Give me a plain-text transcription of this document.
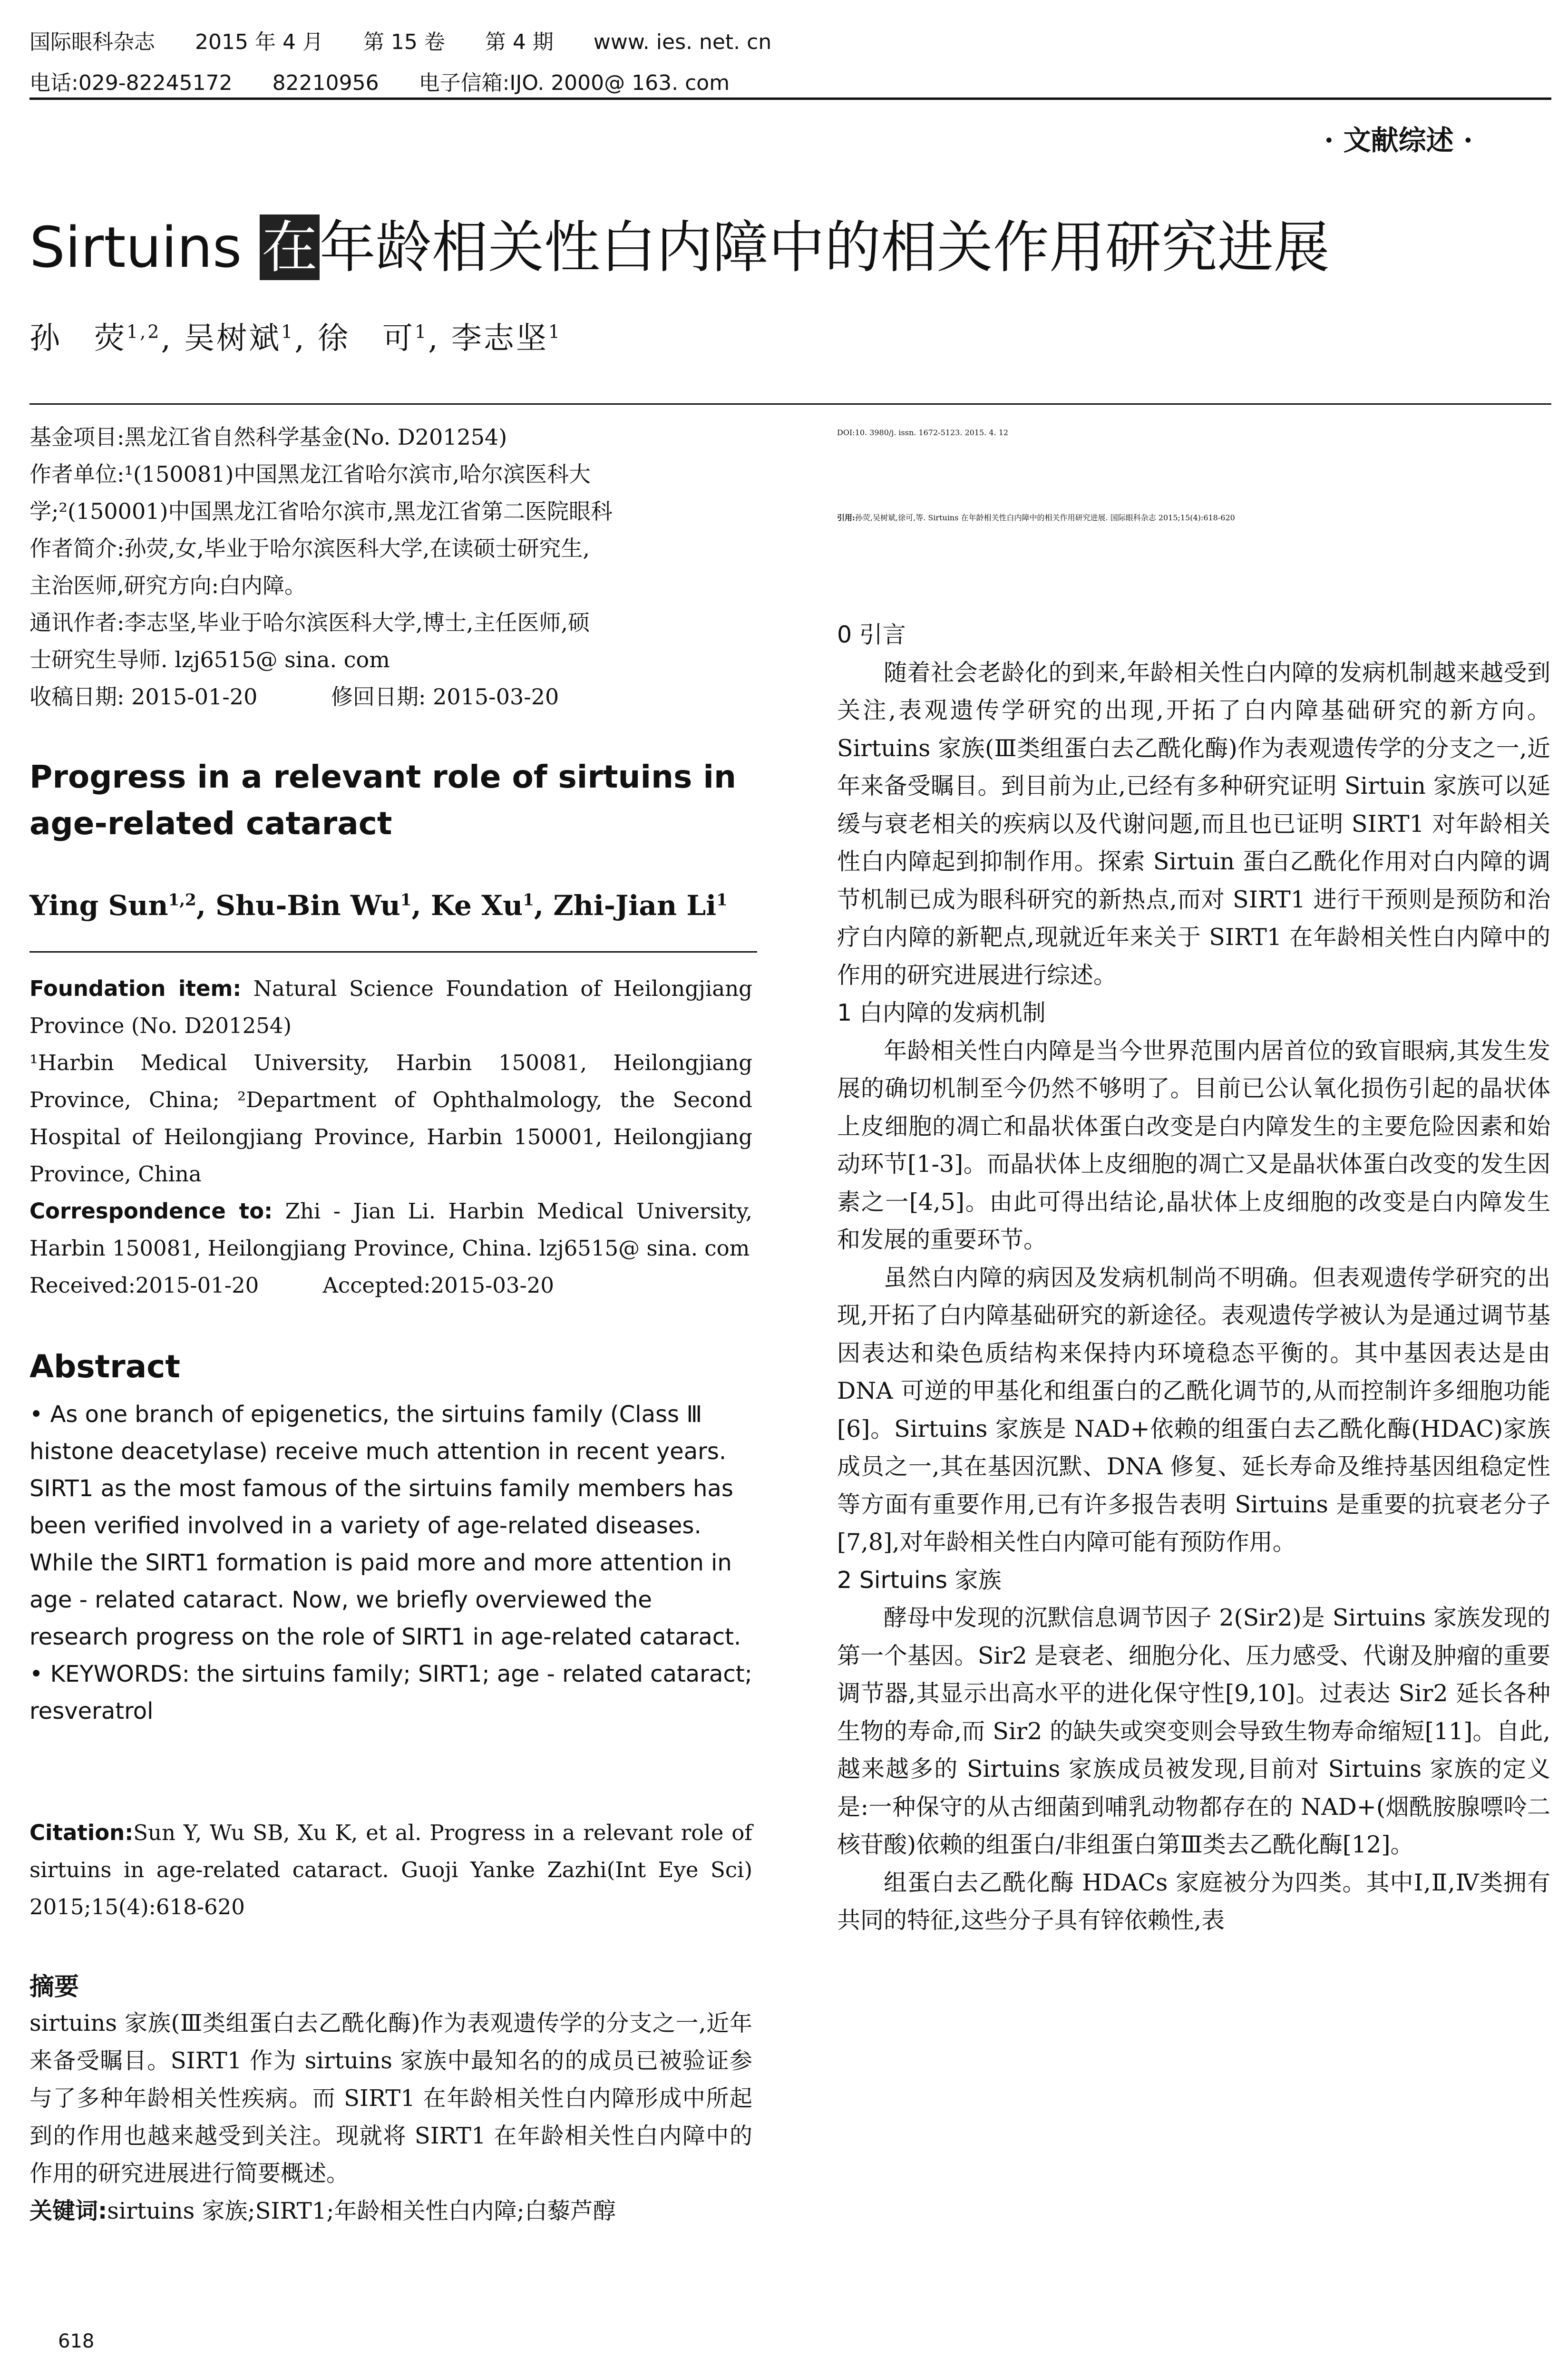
国际眼科杂志 2015 年 4 月 第 15 卷 第 4 期 www. ies. net. cn
电话:029-82245172 82210956 电子信箱:IJO. 2000@ 163. com
· 文献综述 ·
Sirtuins 在年龄相关性白内障中的相关作用研究进展
孙　荧$^{1,2}$, 吴树斌$^1$, 徐　可$^1$, 李志坚$^1$

基金项目:黑龙江省自然科学基金(No. D201254)

作者单位:¹(150081)中国黑龙江省哈尔滨市,哈尔滨医科大

学;²(150001)中国黑龙江省哈尔滨市,黑龙江省第二医院眼科

作者简介:孙荧,女,毕业于哈尔滨医科大学,在读硕士研究生,

主治医师,研究方向:白内障。

通讯作者:李志坚,毕业于哈尔滨医科大学,博士,主任医师,硕

士研究生导师. lzj6515@ sina. com

收稿日期: 2015-01-20	修回日期: 2015-03-20

Progress in a relevant role of sirtuins in age-related cataract

Ying Sun$^{1,2}$, Shu-Bin Wu$^1$, Ke Xu$^1$, Zhi-Jian Li$^1$

Foundation item: Natural Science Foundation of Heilongjiang Province (No. D201254)

¹Harbin Medical University, Harbin 150081, Heilongjiang Province, China; ²Department of Ophthalmology, the Second Hospital of Heilongjiang Province, Harbin 150001, Heilongjiang Province, China

Correspondence to: Zhi - Jian Li. Harbin Medical University, Harbin 150081, Heilongjiang Province, China. lzj6515@ sina. com

Received:2015-01-20	Accepted:2015-03-20

Abstract

• As one branch of epigenetics, the sirtuins family (Class Ⅲ histone deacetylase) receive much attention in recent years. SIRT1 as the most famous of the sirtuins family members has been verified involved in a variety of age-related diseases. While the SIRT1 formation is paid more and more attention in age - related cataract. Now, we briefly overviewed the research progress on the role of SIRT1 in age-related cataract.

• KEYWORDS: the sirtuins family; SIRT1; age - related cataract; resveratrol

Citation:Sun Y, Wu SB, Xu K, et al. Progress in a relevant role of sirtuins in age-related cataract. Guoji Yanke Zazhi(Int Eye Sci) 2015;15(4):618-620

摘要

sirtuins 家族(Ⅲ类组蛋白去乙酰化酶)作为表观遗传学的分支之一,近年来备受瞩目。SIRT1 作为 sirtuins 家族中最知名的的成员已被验证参与了多种年龄相关性疾病。而 SIRT1 在年龄相关性白内障形成中所起到的作用也越来越受到关注。现就将 SIRT1 在年龄相关性白内障中的作用的研究进展进行简要概述。

关键词:sirtuins 家族;SIRT1;年龄相关性白内障;白藜芦醇

618
DOI:10. 3980/j. issn. 1672-5123. 2015. 4. 12

引用:孙荧,吴树斌,徐可,等. Sirtuins 在年龄相关性白内障中的相关作用研究进展. 国际眼科杂志 2015;15(4):618-620

0 引言

随着社会老龄化的到来,年龄相关性白内障的发病机制越来越受到关注,表观遗传学研究的出现,开拓了白内障基础研究的新方向。Sirtuins 家族(Ⅲ类组蛋白去乙酰化酶)作为表观遗传学的分支之一,近年来备受瞩目。到目前为止,已经有多种研究证明 Sirtuin 家族可以延缓与衰老相关的疾病以及代谢问题,而且也已证明 SIRT1 对年龄相关性白内障起到抑制作用。探索 Sirtuin 蛋白乙酰化作用对白内障的调节机制已成为眼科研究的新热点,而对 SIRT1 进行干预则是预防和治疗白内障的新靶点,现就近年来关于 SIRT1 在年龄相关性白内障中的作用的研究进展进行综述。

1 白内障的发病机制

年龄相关性白内障是当今世界范围内居首位的致盲眼病,其发生发展的确切机制至今仍然不够明了。目前已公认氧化损伤引起的晶状体上皮细胞的凋亡和晶状体蛋白改变是白内障发生的主要危险因素和始动环节[1-3]。而晶状体上皮细胞的凋亡又是晶状体蛋白改变的发生因素之一[4,5]。由此可得出结论,晶状体上皮细胞的改变是白内障发生和发展的重要环节。

虽然白内障的病因及发病机制尚不明确。但表观遗传学研究的出现,开拓了白内障基础研究的新途径。表观遗传学被认为是通过调节基因表达和染色质结构来保持内环境稳态平衡的。其中基因表达是由 DNA 可逆的甲基化和组蛋白的乙酰化调节的,从而控制许多细胞功能[6]。Sirtuins 家族是 NAD+依赖的组蛋白去乙酰化酶(HDAC)家族成员之一,其在基因沉默、DNA 修复、延长寿命及维持基因组稳定性等方面有重要作用,已有许多报告表明 Sirtuins 是重要的抗衰老分子[7,8],对年龄相关性白内障可能有预防作用。

2 Sirtuins 家族

酵母中发现的沉默信息调节因子 2(Sir2)是 Sirtuins 家族发现的第一个基因。Sir2 是衰老、细胞分化、压力感受、代谢及肿瘤的重要调节器,其显示出高水平的进化保守性[9,10]。过表达 Sir2 延长各种生物的寿命,而 Sir2 的缺失或突变则会导致生物寿命缩短[11]。自此,越来越多的 Sirtuins 家族成员被发现,目前对 Sirtuins 家族的定义是:一种保守的从古细菌到哺乳动物都存在的 NAD+(烟酰胺腺嘌呤二核苷酸)依赖的组蛋白/非组蛋白第Ⅲ类去乙酰化酶[12]。

组蛋白去乙酰化酶 HDACs 家庭被分为四类。其中Ⅰ,Ⅱ,Ⅳ类拥有共同的特征,这些分子具有锌依赖性,表
